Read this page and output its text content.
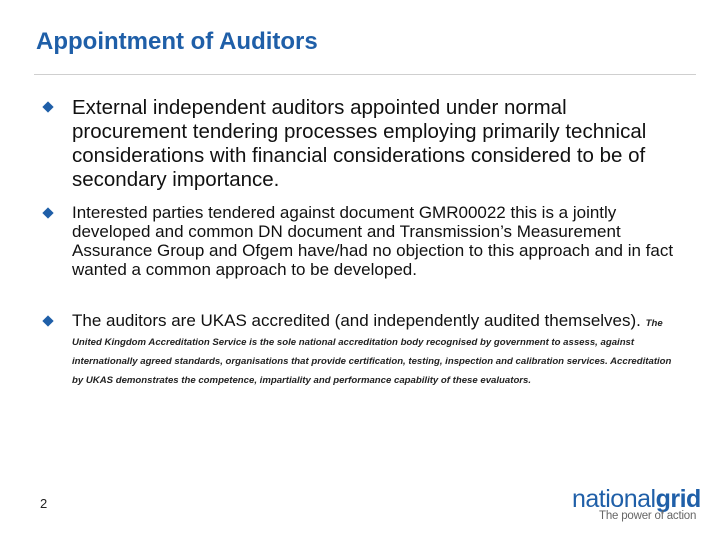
Appointment of Auditors
External independent auditors appointed under normal procurement tendering processes employing primarily technical considerations with financial considerations considered to be of secondary importance.
Interested parties tendered against document GMR00022 this is a jointly developed and common DN document and Transmission’s Measurement Assurance Group and Ofgem have/had no objection to this approach and in fact wanted a common approach to be developed.
The auditors are UKAS accredited (and independently audited themselves). The United Kingdom Accreditation Service is the sole national accreditation body recognised by government to assess, against internationally agreed standards, organisations that provide certification, testing, inspection and calibration services. Accreditation by UKAS demonstrates the competence, impartiality and performance capability of these evaluators.
2	nationalgrid
The power of action
